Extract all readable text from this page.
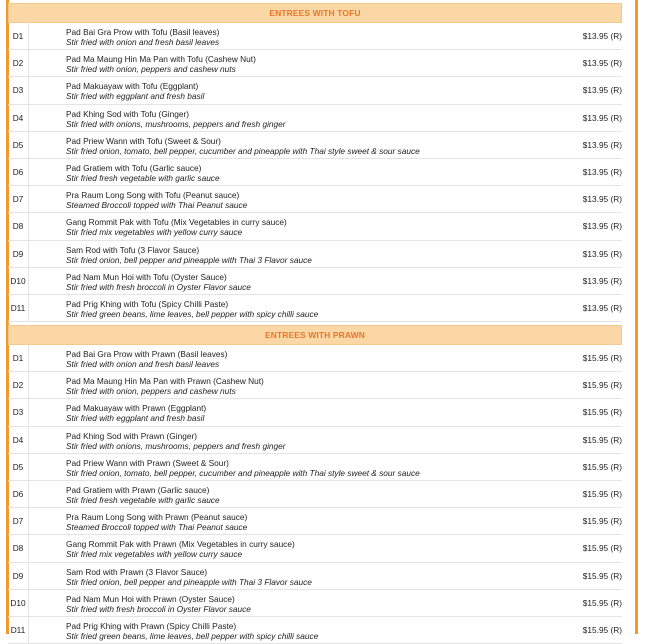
ENTREES WITH TOFU
D1	Pad Bai Gra Prow with Tofu (Basil leaves)
Stir fried with onion and fresh basil leaves
$13.95 (R)
D2	Pad Ma Maung Hin Ma Pan with Tofu (Cashew Nut)
Stir fried with onion, peppers and cashew nuts
$13.95 (R)
D3	Pad Makuayaw with Tofu (Eggplant)
Stir fried with eggplant and fresh basil
$13.95 (R)
D4	Pad Khing Sod with Tofu (Ginger)
Stir fried with onions, mushrooms, peppers and fresh ginger
$13.95 (R)
D5	Pad Priew Wann with Tofu (Sweet & Sour)
Stir fried onion, tomato, bell pepper, cucumber and pineapple with Thai style sweet & sour sauce
$13.95 (R)
D6	Pad Gratiem with Tofu (Garlic sauce)
Stir fried fresh vegetable with garlic sauce
$13.95 (R)
D7	Pra Raum Long Song with Tofu (Peanut sauce)
Steamed Broccoli topped with Thai Peanut sauce
$13.95 (R)
D8	Gang Rommit Pak with Tofu (Mix Vegetables in curry sauce)
Stir fried mix vegetables with yellow curry sauce
$13.95 (R)
D9	Sam Rod with Tofu (3 Flavor Sauce)
Stir fried onion, bell pepper and pineapple with Thai 3 Flavor sauce
$13.95 (R)
D10	Pad Nam Mun Hoi with Tofu (Oyster Sauce)
Stir fried with fresh broccoli in Oyster Flavor sauce
$13.95 (R)
D11	Pad Prig Khing with Tofu (Spicy Chilli Paste)
Stir fried green beans, lime leaves, bell pepper with spicy chilli sauce
$13.95 (R)
ENTREES WITH PRAWN
D1	Pad Bai Gra Prow with Prawn (Basil leaves)
Stir fried with onion and fresh basil leaves
$15.95 (R)
D2	Pad Ma Maung Hin Ma Pan with Prawn (Cashew Nut)
Stir fried with onion, peppers and cashew nuts
$15.95 (R)
D3	Pad Makuayaw with Prawn (Eggplant)
Stir fried with eggplant and fresh basil
$15.95 (R)
D4	Pad Khing Sod with Prawn (Ginger)
Stir fried with onions, mushrooms, peppers and fresh ginger
$15.95 (R)
D5	Pad Priew Wann with Prawn (Sweet & Sour)
Stir fried onion, tomato, bell pepper, cucumber and pineapple with Thai style sweet & sour sauce
$15.95 (R)
D6	Pad Gratiem with Prawn (Garlic sauce)
Stir fried fresh vegetable with garlic sauce
$15.95 (R)
D7	Pra Raum Long Song with Prawn (Peanut sauce)
Steamed Broccoli topped with Thai Peanut sauce
$15.95 (R)
D8	Gang Rommit Pak with Prawn (Mix Vegetables in curry sauce)
Stir fried mix vegetables with yellow curry sauce
$15.95 (R)
D9	Sam Rod with Prawn (3 Flavor Sauce)
Stir fried onion, bell pepper and pineapple with Thai 3 Flavor sauce
$15.95 (R)
D10	Pad Nam Mun Hoi with Prawn (Oyster Sauce)
Stir fried with fresh broccoli in Oyster Flavor sauce
$15.95 (R)
D11	Pad Prig Khing with Prawn (Spicy Chilli Paste)
Stir fried green beans, lime leaves, bell pepper with spicy chilli sauce
$15.95 (R)
